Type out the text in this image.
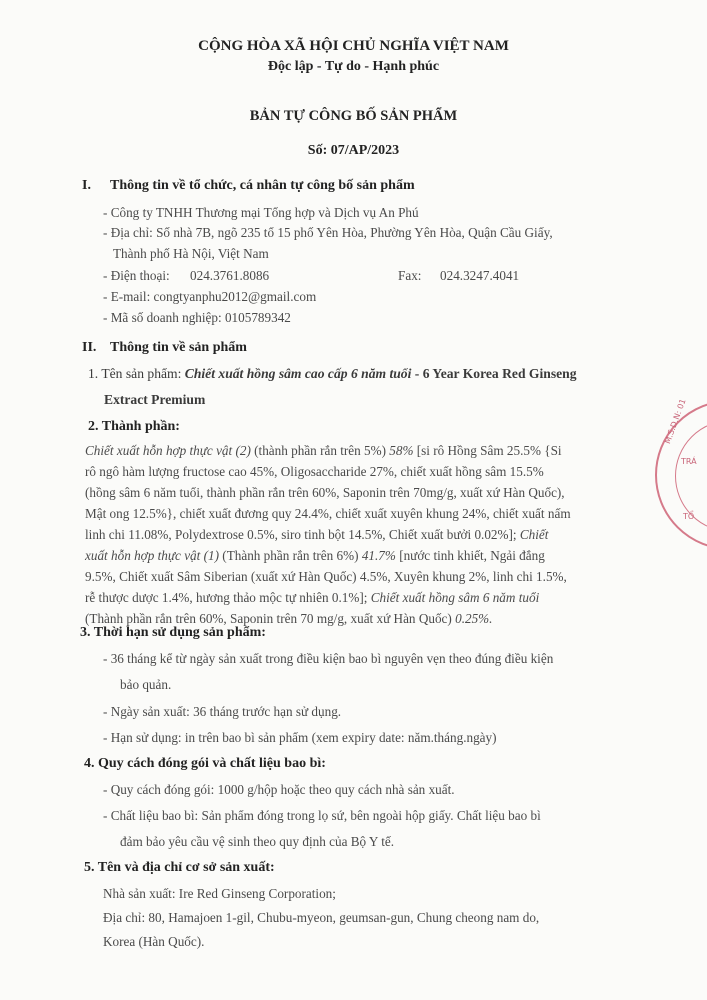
CỘNG HÒA XÃ HỘI CHỦ NGHĨA VIỆT NAM
Độc lập - Tự do - Hạnh phúc
BẢN TỰ CÔNG BỐ SẢN PHẨM
Số: 07/AP/2023
I. Thông tin về tổ chức, cá nhân tự công bố sản phẩm
- Công ty TNHH Thương mại Tổng hợp và Dịch vụ An Phú
- Địa chỉ: Số nhà 7B, ngõ 235 tổ 15 phố Yên Hòa, Phường Yên Hòa, Quận Cầu Giấy,
Thành phố Hà Nội, Việt Nam
- Điện thoại: 024.3761.8086	Fax: 024.3247.4041
- E-mail: congtyanphu2012@gmail.com
- Mã số doanh nghiệp: 0105789342
II. Thông tin về sản phẩm
1. Tên sản phẩm: Chiết xuất hồng sâm cao cấp 6 năm tuổi - 6 Year Korea Red Ginseng
Extract Premium
2. Thành phần:
Chiết xuất hỗn hợp thực vật (2) (thành phần rắn trên 5%) 58% [si rô Hồng Sâm 25.5% {Si
rô ngô hàm lượng fructose cao 45%, Oligosaccharide 27%, chiết xuất hồng sâm 15.5%
(hồng sâm 6 năm tuổi, thành phần rắn trên 60%, Saponin trên 70mg/g, xuất xứ Hàn Quốc),
Mật ong 12.5%}, chiết xuất đương quy 24.4%, chiết xuất xuyên khung 24%, chiết xuất nấm
linh chi 11.08%, Polydextrose 0.5%, siro tinh bột 14.5%, Chiết xuất bưởi 0.02%]; Chiết
xuất hỗn hợp thực vật (1) (Thành phần rắn trên 6%) 41.7% [nước tinh khiết, Ngải đắng
9.5%, Chiết xuất Sâm Siberian (xuất xứ Hàn Quốc) 4.5%, Xuyên khung 2%, linh chi 1.5%,
rễ thược dược 1.4%, hương thảo mộc tự nhiên 0.1%]; Chiết xuất hồng sâm 6 năm tuổi
(Thành phần rắn trên 60%, Saponin trên 70 mg/g, xuất xứ Hàn Quốc) 0.25%.
3. Thời hạn sử dụng sản phẩm:
- 36 tháng kể từ ngày sản xuất trong điều kiện bao bì nguyên vẹn theo đúng điều kiện
bảo quản.
- Ngày sản xuất: 36 tháng trước hạn sử dụng.
- Hạn sử dụng: in trên bao bì sản phẩm (xem expiry date: năm.tháng.ngày)
4. Quy cách đóng gói và chất liệu bao bì:
- Quy cách đóng gói: 1000 g/hộp hoặc theo quy cách nhà sản xuất.
- Chất liệu bao bì: Sản phẩm đóng trong lọ sứ, bên ngoài hộp giấy. Chất liệu bao bì
đảm bảo yêu cầu vệ sinh theo quy định của Bộ Y tế.
5. Tên và địa chỉ cơ sở sản xuất:
Nhà sản xuất: Ire Red Ginseng Corporation;
Địa chỉ: 80, Hamajoen 1-gil, Chubu-myeon, geumsan-gun, Chung cheong nam do,
Korea (Hàn Quốc).
M.S.D.N: 01
TRÁ
TỔ
